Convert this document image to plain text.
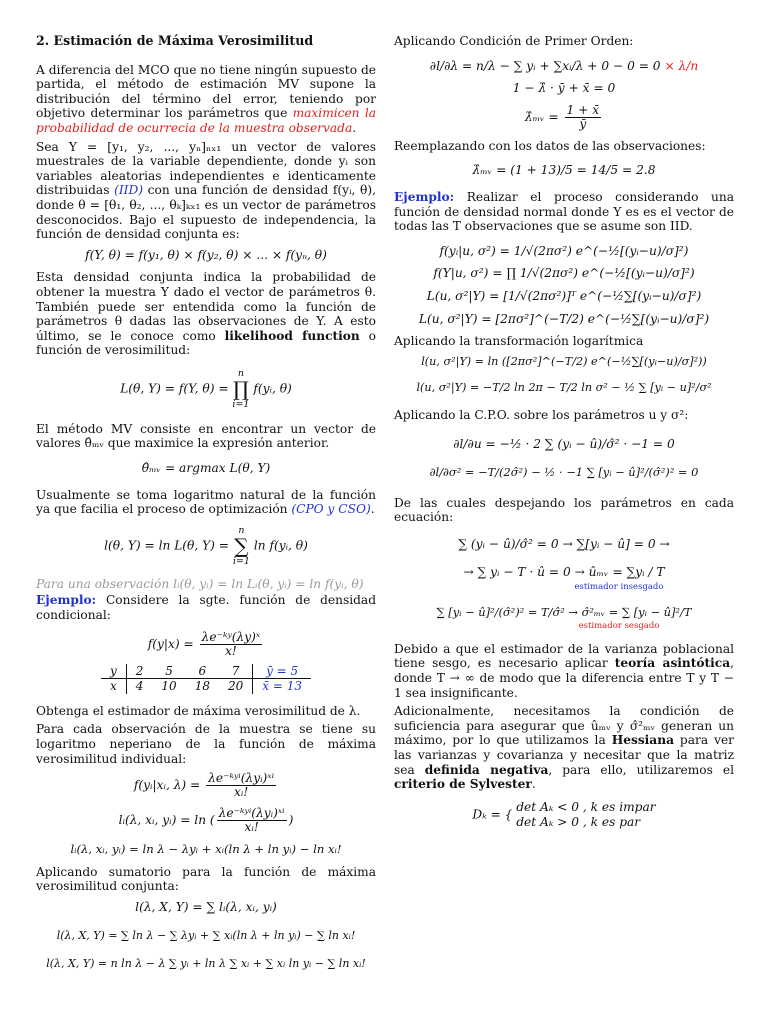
2. Estimación de Máxima Verosimilitud

A diferencia del MCO que no tiene ningún supuesto de partida, el método de estimación MV supone la distribución del término del error, teniendo por objetivo determinar los parámetros que maximicen la probabilidad de ocurrecia de la muestra observada.

Sea Y = [y₁, y₂, ..., yₙ]ₙₓ₁ un vector de valores muestrales de la variable dependiente, donde yᵢ son variables aleatorias independientes e identicamente distribuidas (IID) con una función de densidad f(yᵢ, θ), donde θ = [θ₁, θ₂, ..., θₖ]ₖₓ₁ es un vector de parámetros desconocidos. Bajo el supuesto de independencia, la función de densidad conjunta es:

f(Y, θ) = f(y₁, θ) × f(y₂, θ) × ... × f(yₙ, θ)

Esta densidad conjunta indica la probabilidad de obtener la muestra Y dado el vector de parámetros θ. También puede ser entendida como la función de parámetros θ dadas las observaciones de Y. A esto último, se le conoce como likelihood function o función de verosimilitud:

L(θ, Y) = f(Y, θ) =
n
∏
i=1
f(yᵢ, θ)

El método MV consiste en encontrar un vector de valores θ̂ₘᵥ que maximice la expresión anterior.

θ̂ₘᵥ = argmax L(θ, Y)

Usualmente se toma logaritmo natural de la función ya que facilia el proceso de optimización (CPO y CSO).

l(θ, Y) = ln L(θ, Y) =
n
∑
i=1
ln f(yᵢ, θ)

Para una observación lᵢ(θ, yᵢ) = ln Lᵢ(θ, yᵢ) = ln f(yᵢ, θ)

Ejemplo: Considere la sgte. función de densidad condicional:

$f(y|x) = \frac{\text{λe⁻ᵏʸ(λy)ˣ}}{x!}$
y	2	5	6	7	ȳ = 5
x	4	10	18	20	x̄ = 13

Obtenga el estimador de máxima verosimilitud de λ.

Para cada observación de la muestra se tiene su logaritmo neperiano de la función de máxima verosimilitud individual:

f(yᵢ|xᵢ, $\lambda) = \frac{\text{λe⁻ᵏʸⁱ(λyᵢ)ˣⁱ}}{\text{xᵢ!}}$
lᵢ(λ, xᵢ, yᵢ) = ln ( $\frac{\text{λe⁻ᵏʸⁱ(λyᵢ)ˣⁱ}}{\text{xᵢ!}}$ )
lᵢ(λ, xᵢ, yᵢ) = ln λ − λyᵢ + xᵢ(ln λ + ln yᵢ) − ln xᵢ!

Aplicando sumatorio para la función de máxima verosimilitud conjunta:

l(λ, X, Y) = ∑ lᵢ(λ, xᵢ, yᵢ)
l(λ, X, Y) = ∑ ln λ − ∑ λyᵢ + ∑ xᵢ(ln λ + ln yᵢ) − ∑ ln xᵢ!
l(λ, X, Y) = n ln λ − λ ∑ yᵢ + ln λ ∑ xᵢ + ∑ xᵢ ln yᵢ − ∑ ln xᵢ!

Aplicando Condición de Primer Orden:

∂l/∂λ = n/λ − ∑ yᵢ + ∑xᵢ/λ + 0 − 0 = 0 × λ/n
1 − λ̂ · ȳ + x̄ = 0
λ̂ₘᵥ = $\frac{1 + x̄}{ȳ}$

Reemplazando con los datos de las observaciones:

λ̂ₘᵥ = (1 + 13)/5 = 14/5 = 2.8

Ejemplo: Realizar el proceso considerando una función de densidad normal donde Y es es el vector de todas las T observaciones que se asume son IID.

f(yᵢ|u, σ²) = 1/√(2πσ²) e^(−½[(yᵢ−u)/σ]²)
f(Y|u, σ²) = ∏ 1/√(2πσ²) e^(−½[(yᵢ−u)/σ]²)
L(u, σ²|Y) = [1/√(2πσ²)]ᵀ e^(−½∑[(yᵢ−u)/σ]²)
L(u, σ²|Y) = [2πσ²]^(−T/2) e^(−½∑[(yᵢ−u)/σ]²)

Aplicando la transformación logarítmica

l(u, σ²|Y) = ln ([2πσ²]^(−T/2) e^(−½∑[(yᵢ−u)/σ]²))
l(u, σ²|Y) = −T/2 ln 2π − T/2 ln σ² − ½ ∑ [yᵢ − u]²/σ²

Aplicando la C.P.O. sobre los parámetros u y σ²:

∂l/∂u = −½ · 2 ∑ (yᵢ − û)/σ̂² · −1 = 0
∂l/∂σ² = −T/(2σ̂²) − ½ · −1 ∑ [yᵢ − û]²/(σ̂²)² = 0

De las cuales despejando los parámetros en cada ecuación:

∑ (yᵢ − û)/σ̂² = 0 → ∑[yᵢ − û] = 0 →
→ ∑ yᵢ − T · û = 0 → ûₘᵥ = ∑yᵢ / T
estimador insesgado
∑ [yᵢ − û]²/(σ̂²)² = T/σ̂² → σ̂²ₘᵥ = ∑ [yᵢ − û]²/T
estimador sesgado

Debido a que el estimador de la varianza poblacional tiene sesgo, es necesario aplicar teoría asintótica, donde T → ∞ de modo que la diferencia entre T y T − 1 sea insignificante.

Adicionalmente, necesitamos la condición de suficiencia para asegurar que ûₘᵥ y σ̂²ₘᵥ generan un máximo, por lo que utilizamos la Hessiana para ver las varianzas y covarianza y necesitar que la matriz sea definida negativa, para ello, utilizaremos el criterio de Sylvester.

Dₖ = {
det Aₖ < 0 , k es impar
det Aₖ > 0 , k es par
